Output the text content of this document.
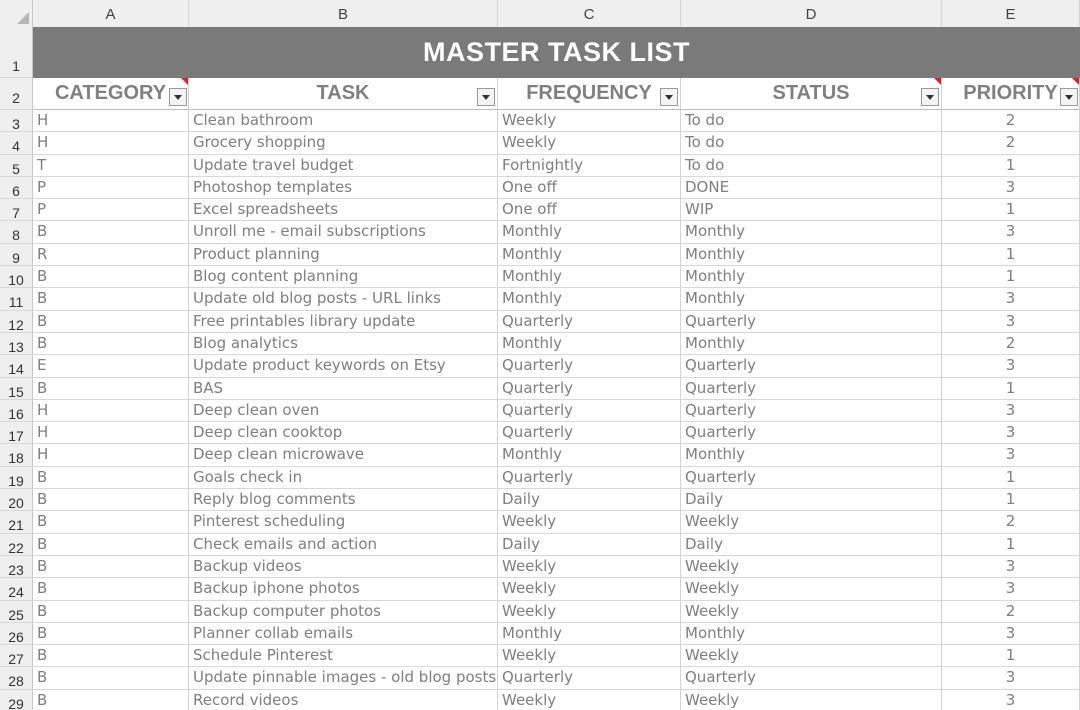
A	B	C	D	E
1
2
3
4
5
6
7
8
9
10
11
12
13
14
15
16
17
18
19
20
21
22
23
24
25
26
27
28
29
MASTER TASK LIST
CATEGORY	TASK	FREQUENCY	STATUS	PRIORITY
H	Clean bathroom	Weekly	To do	2
H	Grocery shopping	Weekly	To do	2
T	Update travel budget	Fortnightly	To do	1
P	Photoshop templates	One off	DONE	3
P	Excel spreadsheets	One off	WIP	1
B	Unroll me - email subscriptions	Monthly	Monthly	3
R	Product planning	Monthly	Monthly	1
B	Blog content planning	Monthly	Monthly	1
B	Update old blog posts - URL links	Monthly	Monthly	3
B	Free printables library update	Quarterly	Quarterly	3
B	Blog analytics	Monthly	Monthly	2
E	Update product keywords on Etsy	Quarterly	Quarterly	3
B	BAS	Quarterly	Quarterly	1
H	Deep clean oven	Quarterly	Quarterly	3
H	Deep clean cooktop	Quarterly	Quarterly	3
H	Deep clean microwave	Monthly	Monthly	3
B	Goals check in	Quarterly	Quarterly	1
B	Reply blog comments	Daily	Daily	1
B	Pinterest scheduling	Weekly	Weekly	2
B	Check emails and action	Daily	Daily	1
B	Backup videos	Weekly	Weekly	3
B	Backup iphone photos	Weekly	Weekly	3
B	Backup computer photos	Weekly	Weekly	2
B	Planner collab emails	Monthly	Monthly	3
B	Schedule Pinterest	Weekly	Weekly	1
B	Update pinnable images - old blog posts Quarterly	Quarterly	3
B	Record videos	Weekly	Weekly	3
